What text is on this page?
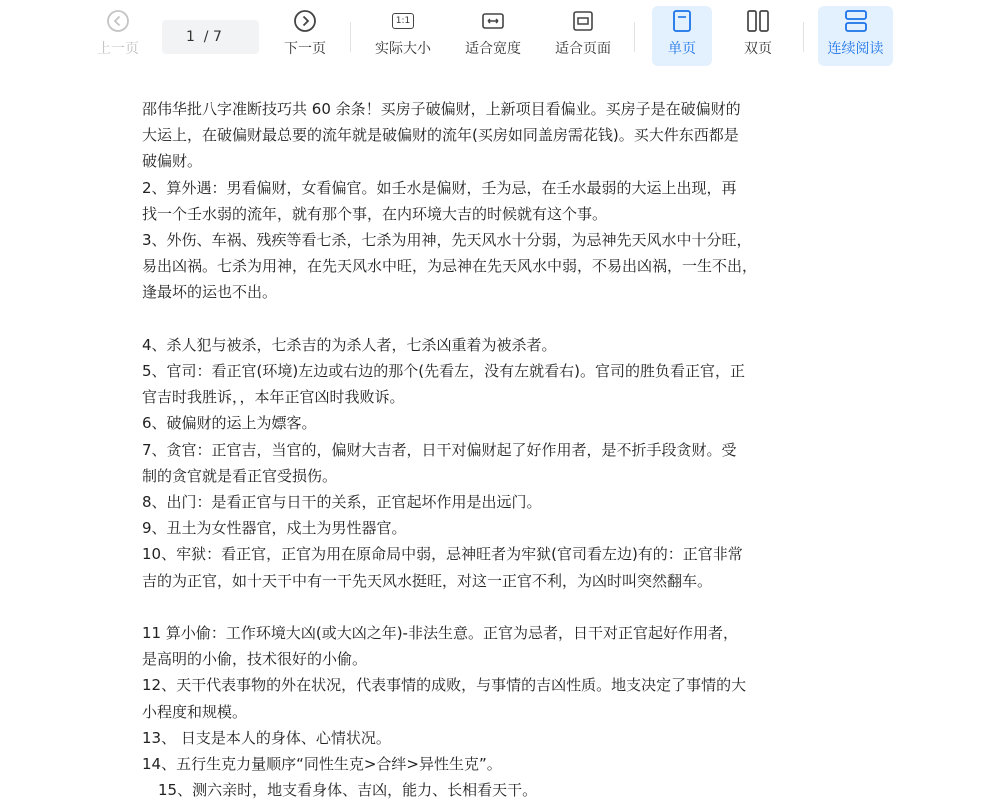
上一页
1  / 7
下一页
1:1
实际大小 适合宽度 适合页面	单页	双页	连续阅读

邵伟华批八字准断技巧共 60 余条！买房子破偏财，上新项目看偏业。买房子是在破偏财的

大运上，在破偏财最总要的流年就是破偏财的流年(买房如同盖房需花钱)。买大件东西都是

破偏财。

2、算外遇：男看偏财，女看偏官。如壬水是偏财，壬为忌，在壬水最弱的大运上出现，再

找一个壬水弱的流年，就有那个事，在内环境大吉的时候就有这个事。

3、外伤、车祸、残疾等看七杀，七杀为用神，先天风水十分弱，为忌神先天风水中十分旺，

易出凶祸。七杀为用神，在先天风水中旺，为忌神在先天风水中弱，不易出凶祸，一生不出，

逢最坏的运也不出。

4、杀人犯与被杀，七杀吉的为杀人者，七杀凶重着为被杀者。

5、官司：看正官(环境)左边或右边的那个(先看左，没有左就看右)。官司的胜负看正官，正

官吉时我胜诉，，本年正官凶时我败诉。

6、破偏财的运上为嫖客。

7、贪官：正官吉，当官的，偏财大吉者，日干对偏财起了好作用者，是不折手段贪财。受

制的贪官就是看正官受损伤。

8、出门：是看正官与日干的关系，正官起坏作用是出远门。

9、丑土为女性器官，戍土为男性器官。

10、牢狱：看正官，正官为用在原命局中弱，忌神旺者为牢狱(官司看左边)有的：正官非常

吉的为正官，如十天干中有一干先天风水挺旺，对这一正官不利，为凶时叫突然翻车。

11 算小偷：工作环境大凶(或大凶之年)-非法生意。正官为忌者，日干对正官起好作用者，

是高明的小偷，技术很好的小偷。

12、天干代表事物的外在状况，代表事情的成败，与事情的吉凶性质。地支决定了事情的大

小程度和规模。

13、 日支是本人的身体、心情状况。

14、五行生克力量顺序“同性生克>合绊>异性生克”。

15、测六亲时，地支看身体、吉凶，能力、长相看天干。
